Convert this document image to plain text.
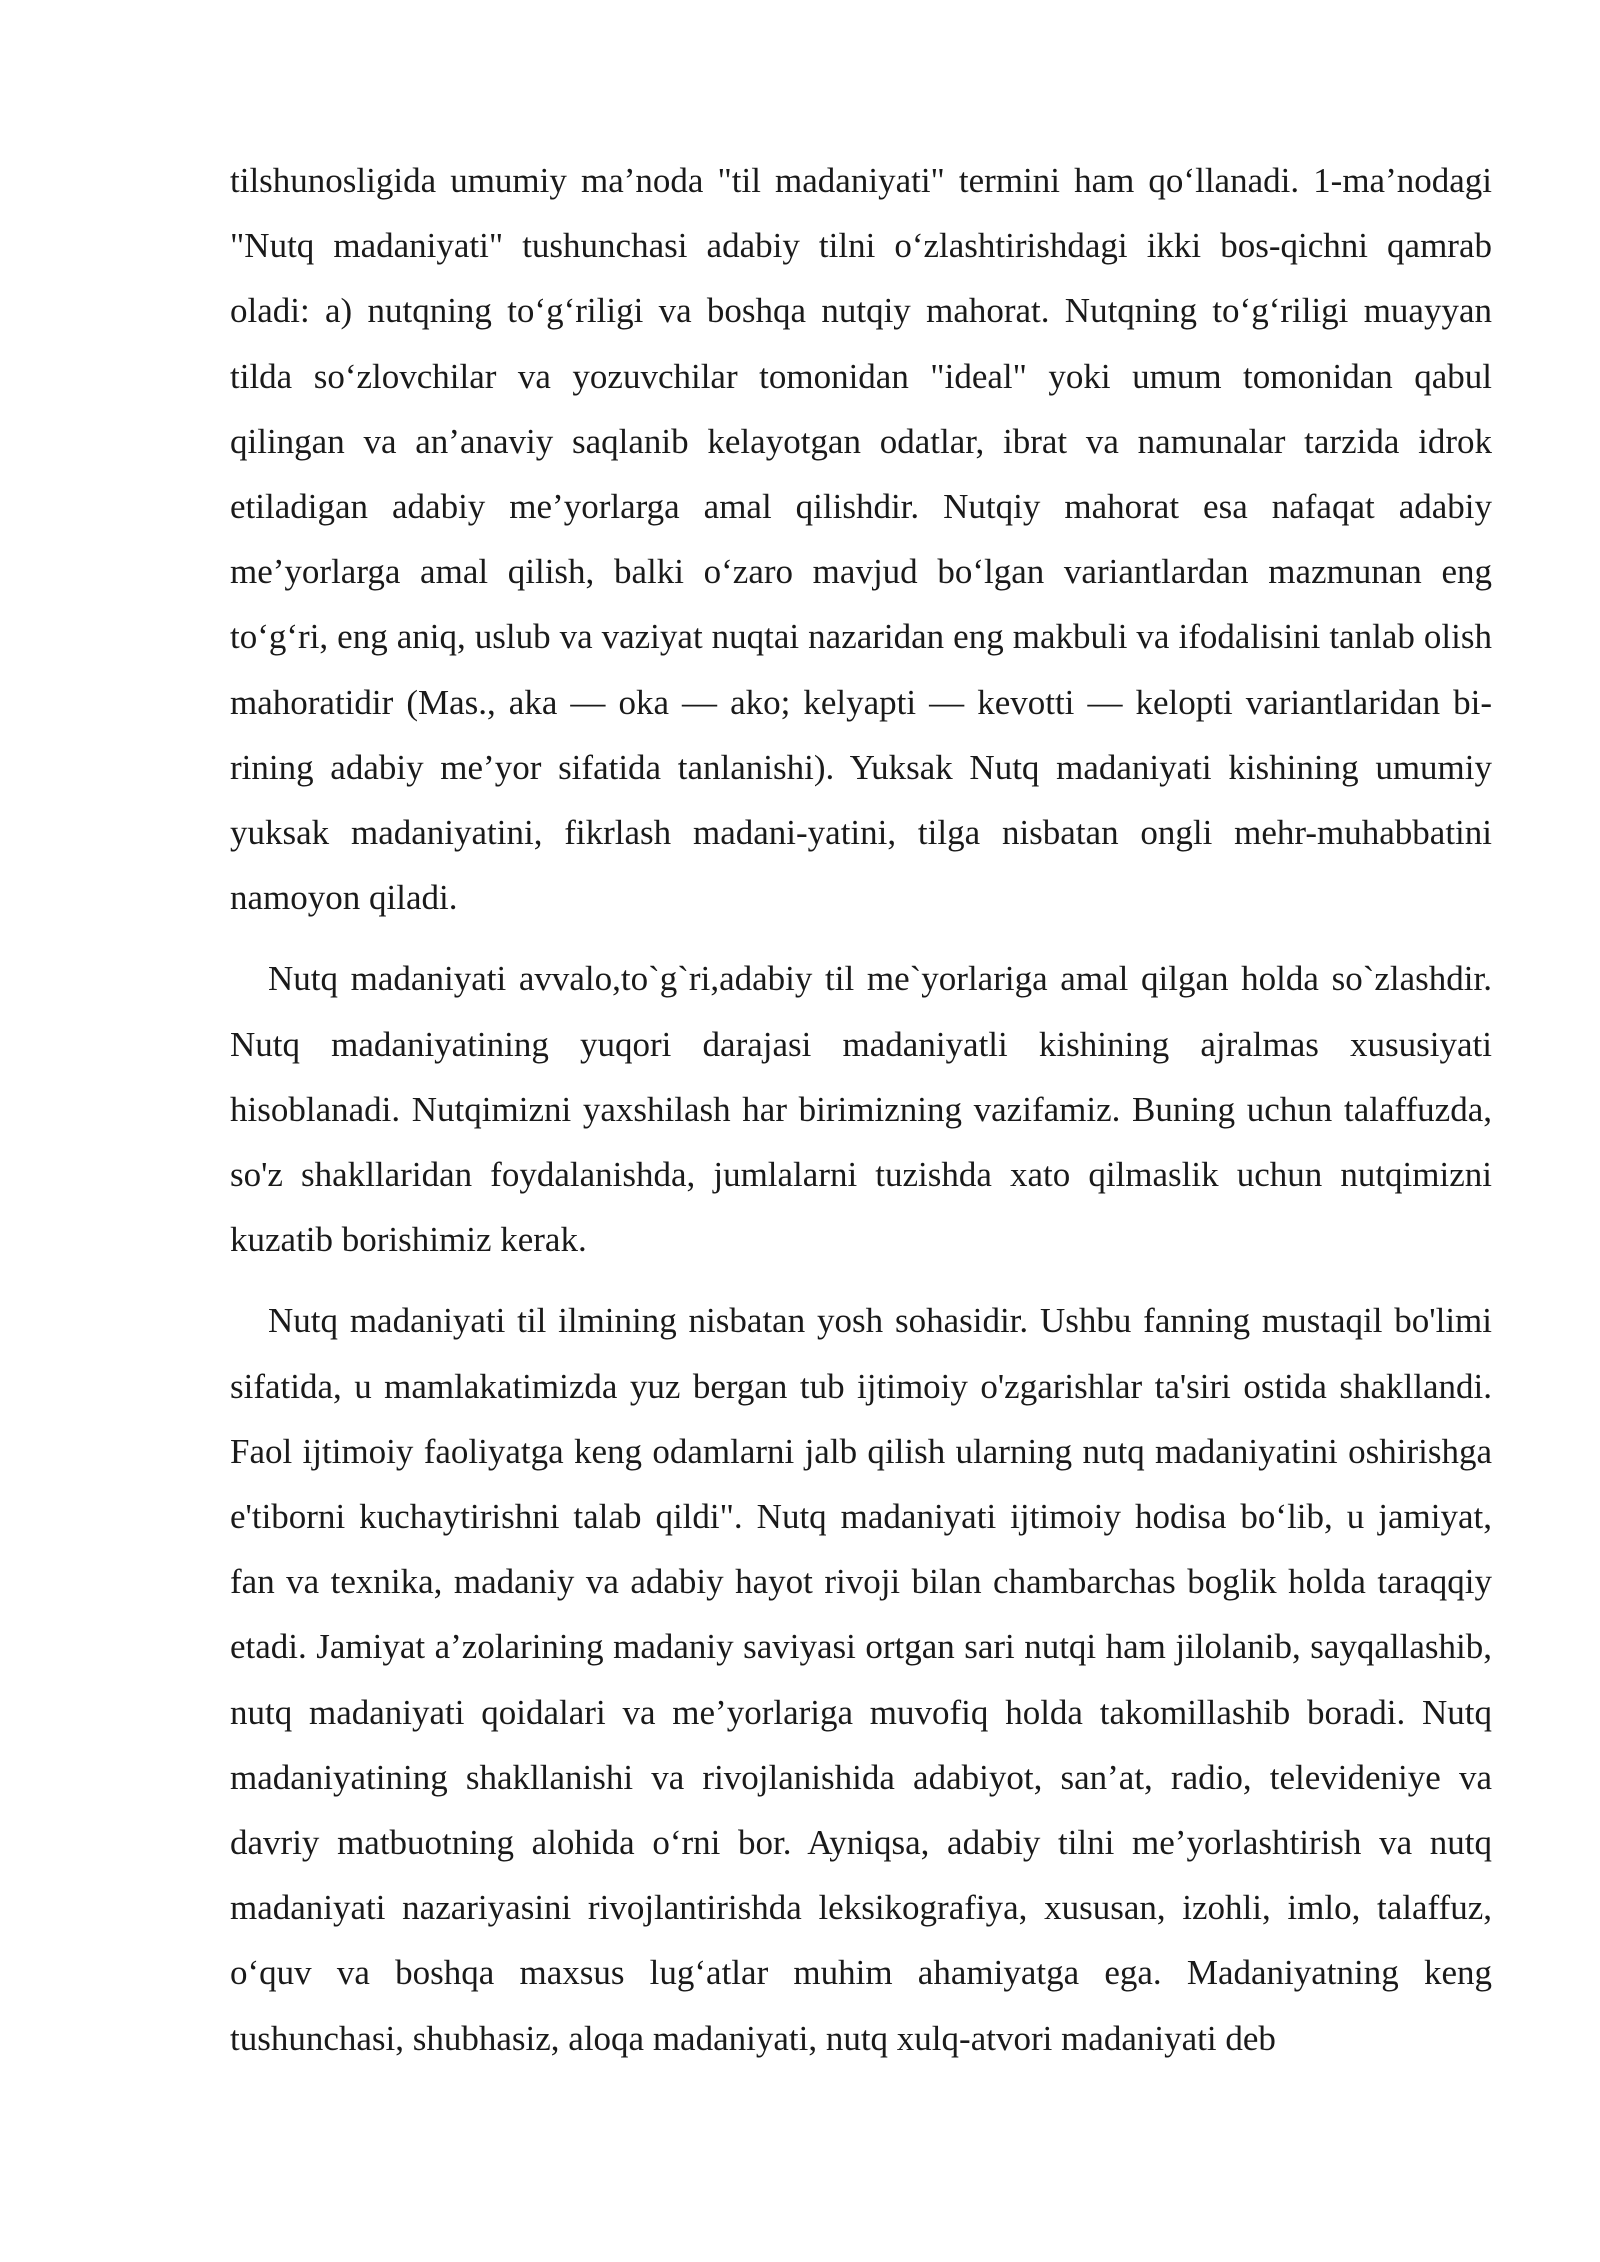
tilshunosligida umumiy ma’noda "til madaniyati" termini ham qo‘llanadi. 1-ma’nodagi "Nutq madaniyati" tushunchasi adabiy tilni o‘zlashtirishdagi ikki bos-qichni qamrab oladi: a) nutqning to‘g‘riligi va boshqa nutqiy mahorat. Nutqning to‘g‘riligi muayyan tilda so‘zlovchilar va yozuvchilar tomonidan "ideal" yoki umum tomonidan qabul qilingan va an’anaviy saqlanib kelayotgan odatlar, ibrat va namunalar tarzida idrok etiladigan adabiy me’yorlarga amal qilishdir. Nutqiy mahorat esa nafaqat adabiy me’yorlarga amal qilish, balki o‘zaro mavjud bo‘lgan variantlardan mazmunan eng to‘g‘ri, eng aniq, uslub va vaziyat nuqtai nazaridan eng makbuli va ifodalisini tanlab olish mahoratidir (Mas., aka — oka — ako; kelyapti — kevotti — kelopti variantlaridan bi-rining adabiy me’yor sifatida tanlanishi). Yuksak Nutq madaniyati kishining umumiy yuksak madaniyatini, fikrlash madani-yatini, tilga nisbatan ongli mehr-muhabbatini namoyon qiladi.

Nutq madaniyati avvalo,to`g`ri,adabiy til me`yorlariga amal qilgan holda so`zlashdir. Nutq madaniyatining yuqori darajasi madaniyatli kishining ajralmas xususiyati hisoblanadi. Nutqimizni yaxshilash har birimizning vazifamiz. Buning uchun talaffuzda, so'z shakllaridan foydalanishda, jumlalarni tuzishda xato qilmaslik uchun nutqimizni kuzatib borishimiz kerak.

Nutq madaniyati til ilmining nisbatan yosh sohasidir. Ushbu fanning mustaqil bo'limi sifatida, u mamlakatimizda yuz bergan tub ijtimoiy o'zgarishlar ta'siri ostida shakllandi. Faol ijtimoiy faoliyatga keng odamlarni jalb qilish ularning nutq madaniyatini oshirishga e'tiborni kuchaytirishni talab qildi". Nutq madaniyati ijtimoiy hodisa bo‘lib, u jamiyat, fan va texnika, madaniy va adabiy hayot rivoji bilan chambarchas boglik holda taraqqiy etadi. Jamiyat a’zolarining madaniy saviyasi ortgan sari nutqi ham jilolanib, sayqallashib, nutq madaniyati qoidalari va me’yorlariga muvofiq holda takomillashib boradi. Nutq madaniyatining shakllanishi va rivojlanishida adabiyot, san’at, radio, televideniye va davriy matbuotning alohida o‘rni bor. Ayniqsa, adabiy tilni me’yorlashtirish va nutq madaniyati nazariyasini rivojlantirishda leksikografiya, xususan, izohli, imlo, talaffuz, o‘quv va boshqa maxsus lug‘atlar muhim ahamiyatga ega. Madaniyatning keng tushunchasi, shubhasiz, aloqa madaniyati, nutq xulq-atvori madaniyati deb
